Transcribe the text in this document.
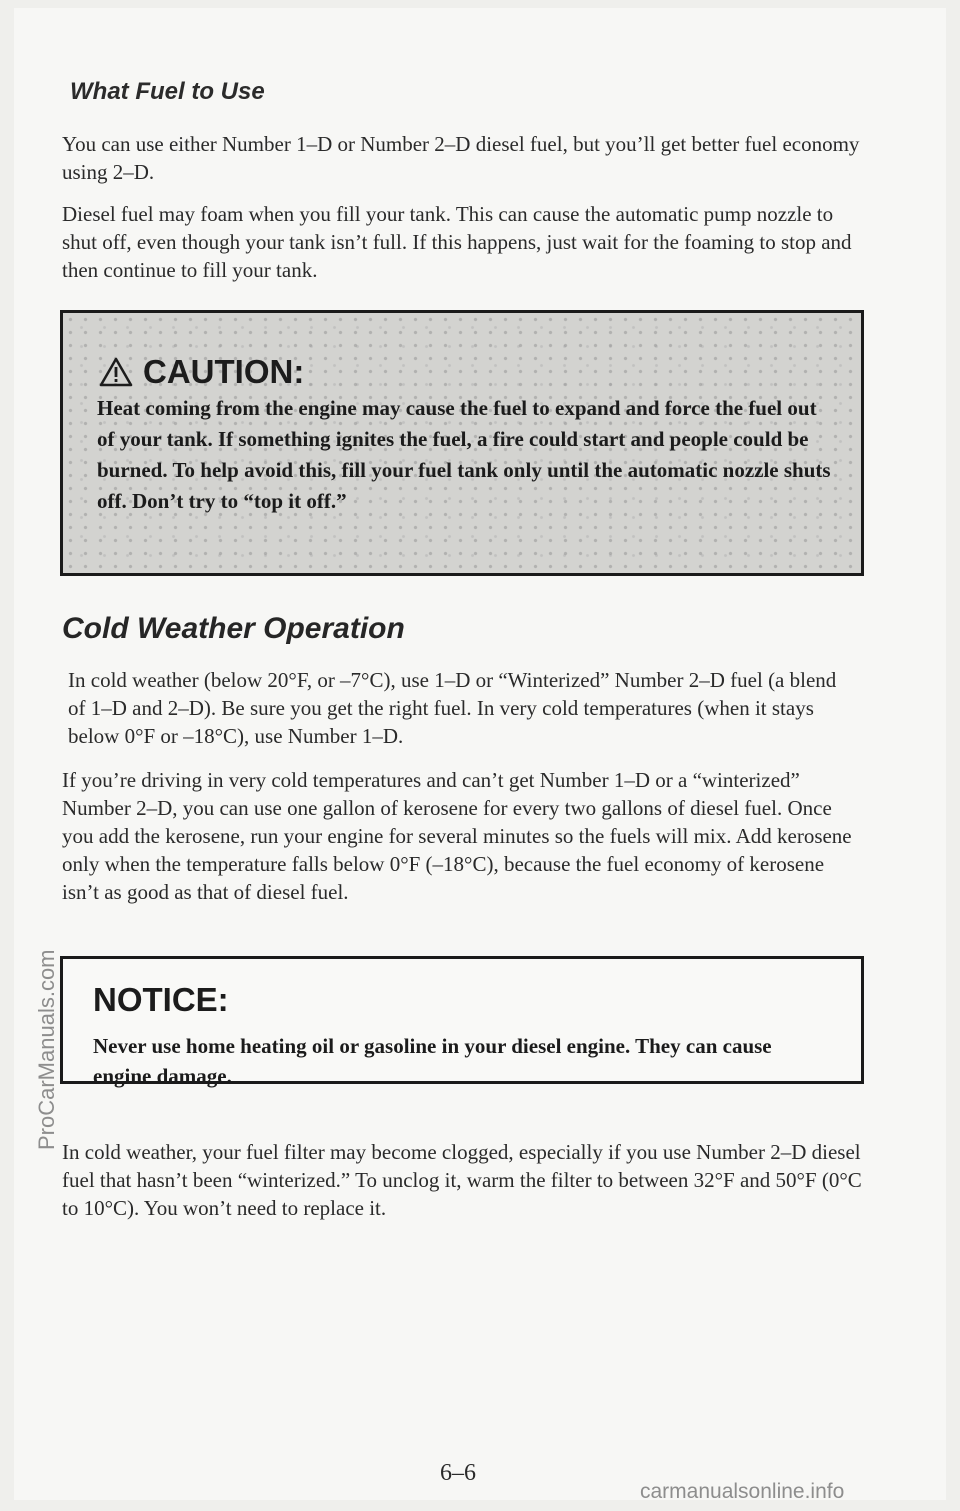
What Fuel to Use

You can use either Number 1–D or Number 2–D diesel fuel, but you’ll get better fuel economy using 2–D.

Diesel fuel may foam when you fill your tank. This can cause the automatic pump nozzle to shut off, even though your tank isn’t full. If this happens, just wait for the foaming to stop and then continue to fill your tank.

CAUTION:

Heat coming from the engine may cause the fuel to expand and force the fuel out of your tank. If something ignites the fuel, a fire could start and people could be burned. To help avoid this, fill your fuel tank only until the automatic nozzle shuts off. Don’t try to “top it off.”

Cold Weather Operation

In cold weather (below 20°F, or –7°C), use 1–D or “Winterized” Number 2–D fuel (a blend of 1–D and 2–D). Be sure you get the right fuel. In very cold temperatures (when it stays below 0°F or –18°C), use Number 1–D.

If you’re driving in very cold temperatures and can’t get Number 1–D or a “winterized” Number 2–D, you can use one gallon of kerosene for every two gallons of diesel fuel. Once you add the kerosene, run your engine for several minutes so the fuels will mix. Add kerosene only when the temperature falls below 0°F (–18°C), because the fuel economy of kerosene isn’t as good as that of diesel fuel.

NOTICE:

Never use home heating oil or gasoline in your diesel engine. They can cause engine damage.

In cold weather, your fuel filter may become clogged, especially if you use Number 2–D diesel fuel that hasn’t been “winterized.” To unclog it, warm the filter to between 32°F and 50°F (0°C to 10°C). You won’t need to replace it.

6–6
ProCarManuals.com
carmanualsonline.info
